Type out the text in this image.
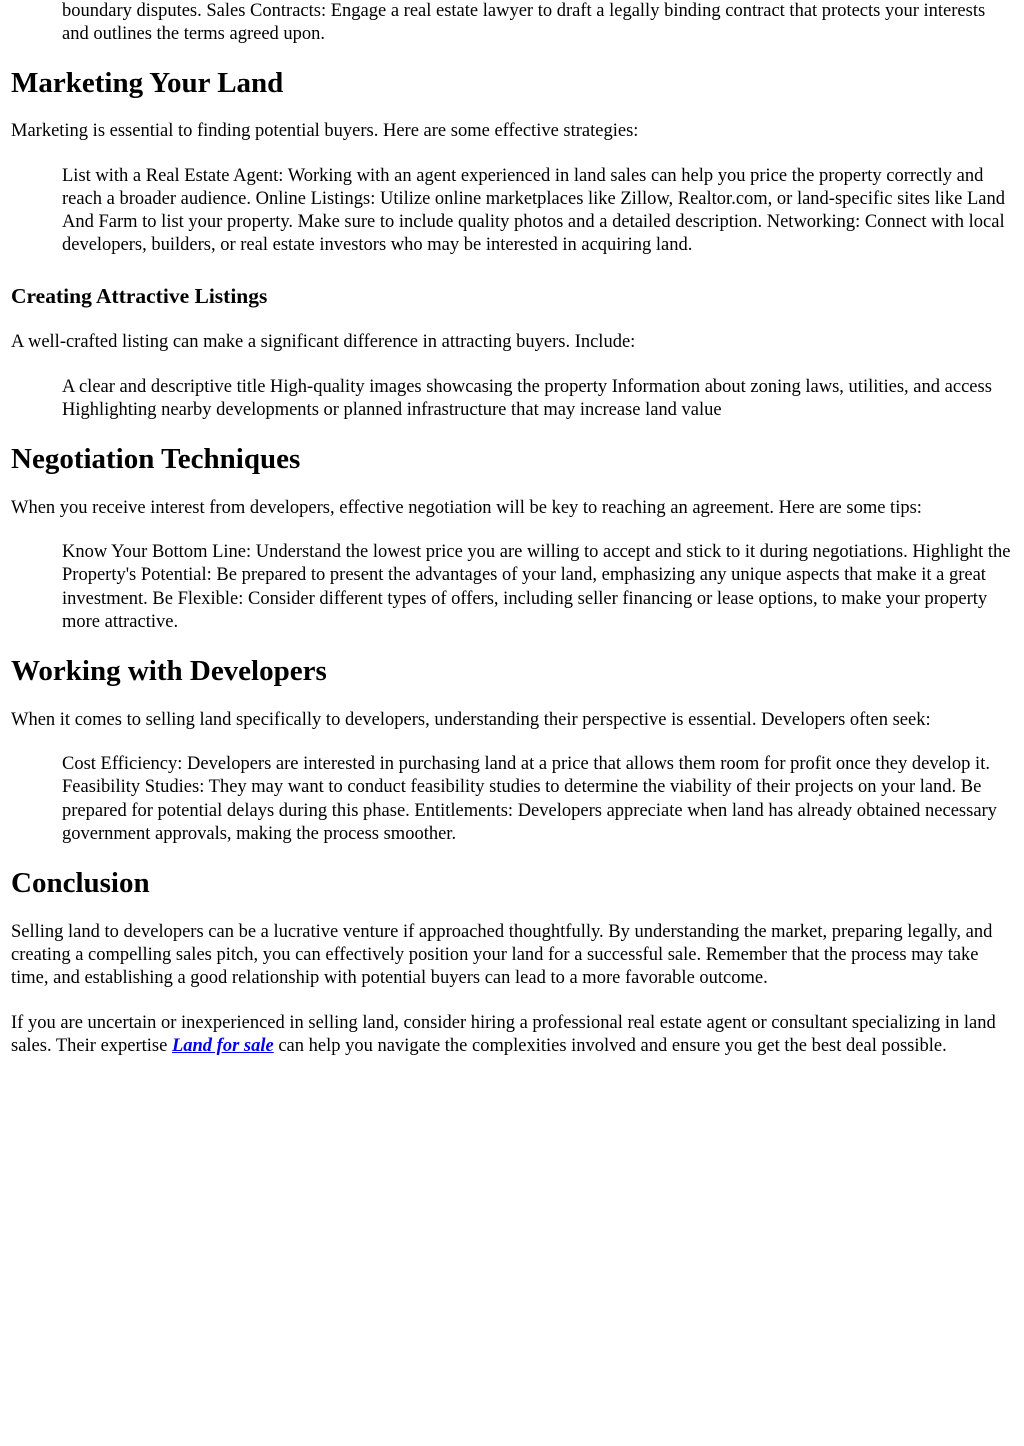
boundary disputes. Sales Contracts: Engage a real estate lawyer to draft a legally binding contract that protects your interests and outlines the terms agreed upon.

Marketing Your Land

Marketing is essential to finding potential buyers. Here are some effective strategies:

List with a Real Estate Agent: Working with an agent experienced in land sales can help you price the property correctly and reach a broader audience. Online Listings: Utilize online marketplaces like Zillow, Realtor.com, or land-specific sites like Land And Farm to list your property. Make sure to include quality photos and a detailed description. Networking: Connect with local developers, builders, or real estate investors who may be interested in acquiring land.

Creating Attractive Listings

A well-crafted listing can make a significant difference in attracting buyers. Include:

A clear and descriptive title High-quality images showcasing the property Information about zoning laws, utilities, and access Highlighting nearby developments or planned infrastructure that may increase land value

Negotiation Techniques

When you receive interest from developers, effective negotiation will be key to reaching an agreement. Here are some tips:

Know Your Bottom Line: Understand the lowest price you are willing to accept and stick to it during negotiations. Highlight the Property's Potential: Be prepared to present the advantages of your land, emphasizing any unique aspects that make it a great investment. Be Flexible: Consider different types of offers, including seller financing or lease options, to make your property more attractive.

Working with Developers

When it comes to selling land specifically to developers, understanding their perspective is essential. Developers often seek:

Cost Efficiency: Developers are interested in purchasing land at a price that allows them room for profit once they develop it. Feasibility Studies: They may want to conduct feasibility studies to determine the viability of their projects on your land. Be prepared for potential delays during this phase. Entitlements: Developers appreciate when land has already obtained necessary government approvals, making the process smoother.

Conclusion

Selling land to developers can be a lucrative venture if approached thoughtfully. By understanding the market, preparing legally, and creating a compelling sales pitch, you can effectively position your land for a successful sale. Remember that the process may take time, and establishing a good relationship with potential buyers can lead to a more favorable outcome.

If you are uncertain or inexperienced in selling land, consider hiring a professional real estate agent or consultant specializing in land sales. Their expertise Land for sale can help you navigate the complexities involved and ensure you get the best deal possible.
